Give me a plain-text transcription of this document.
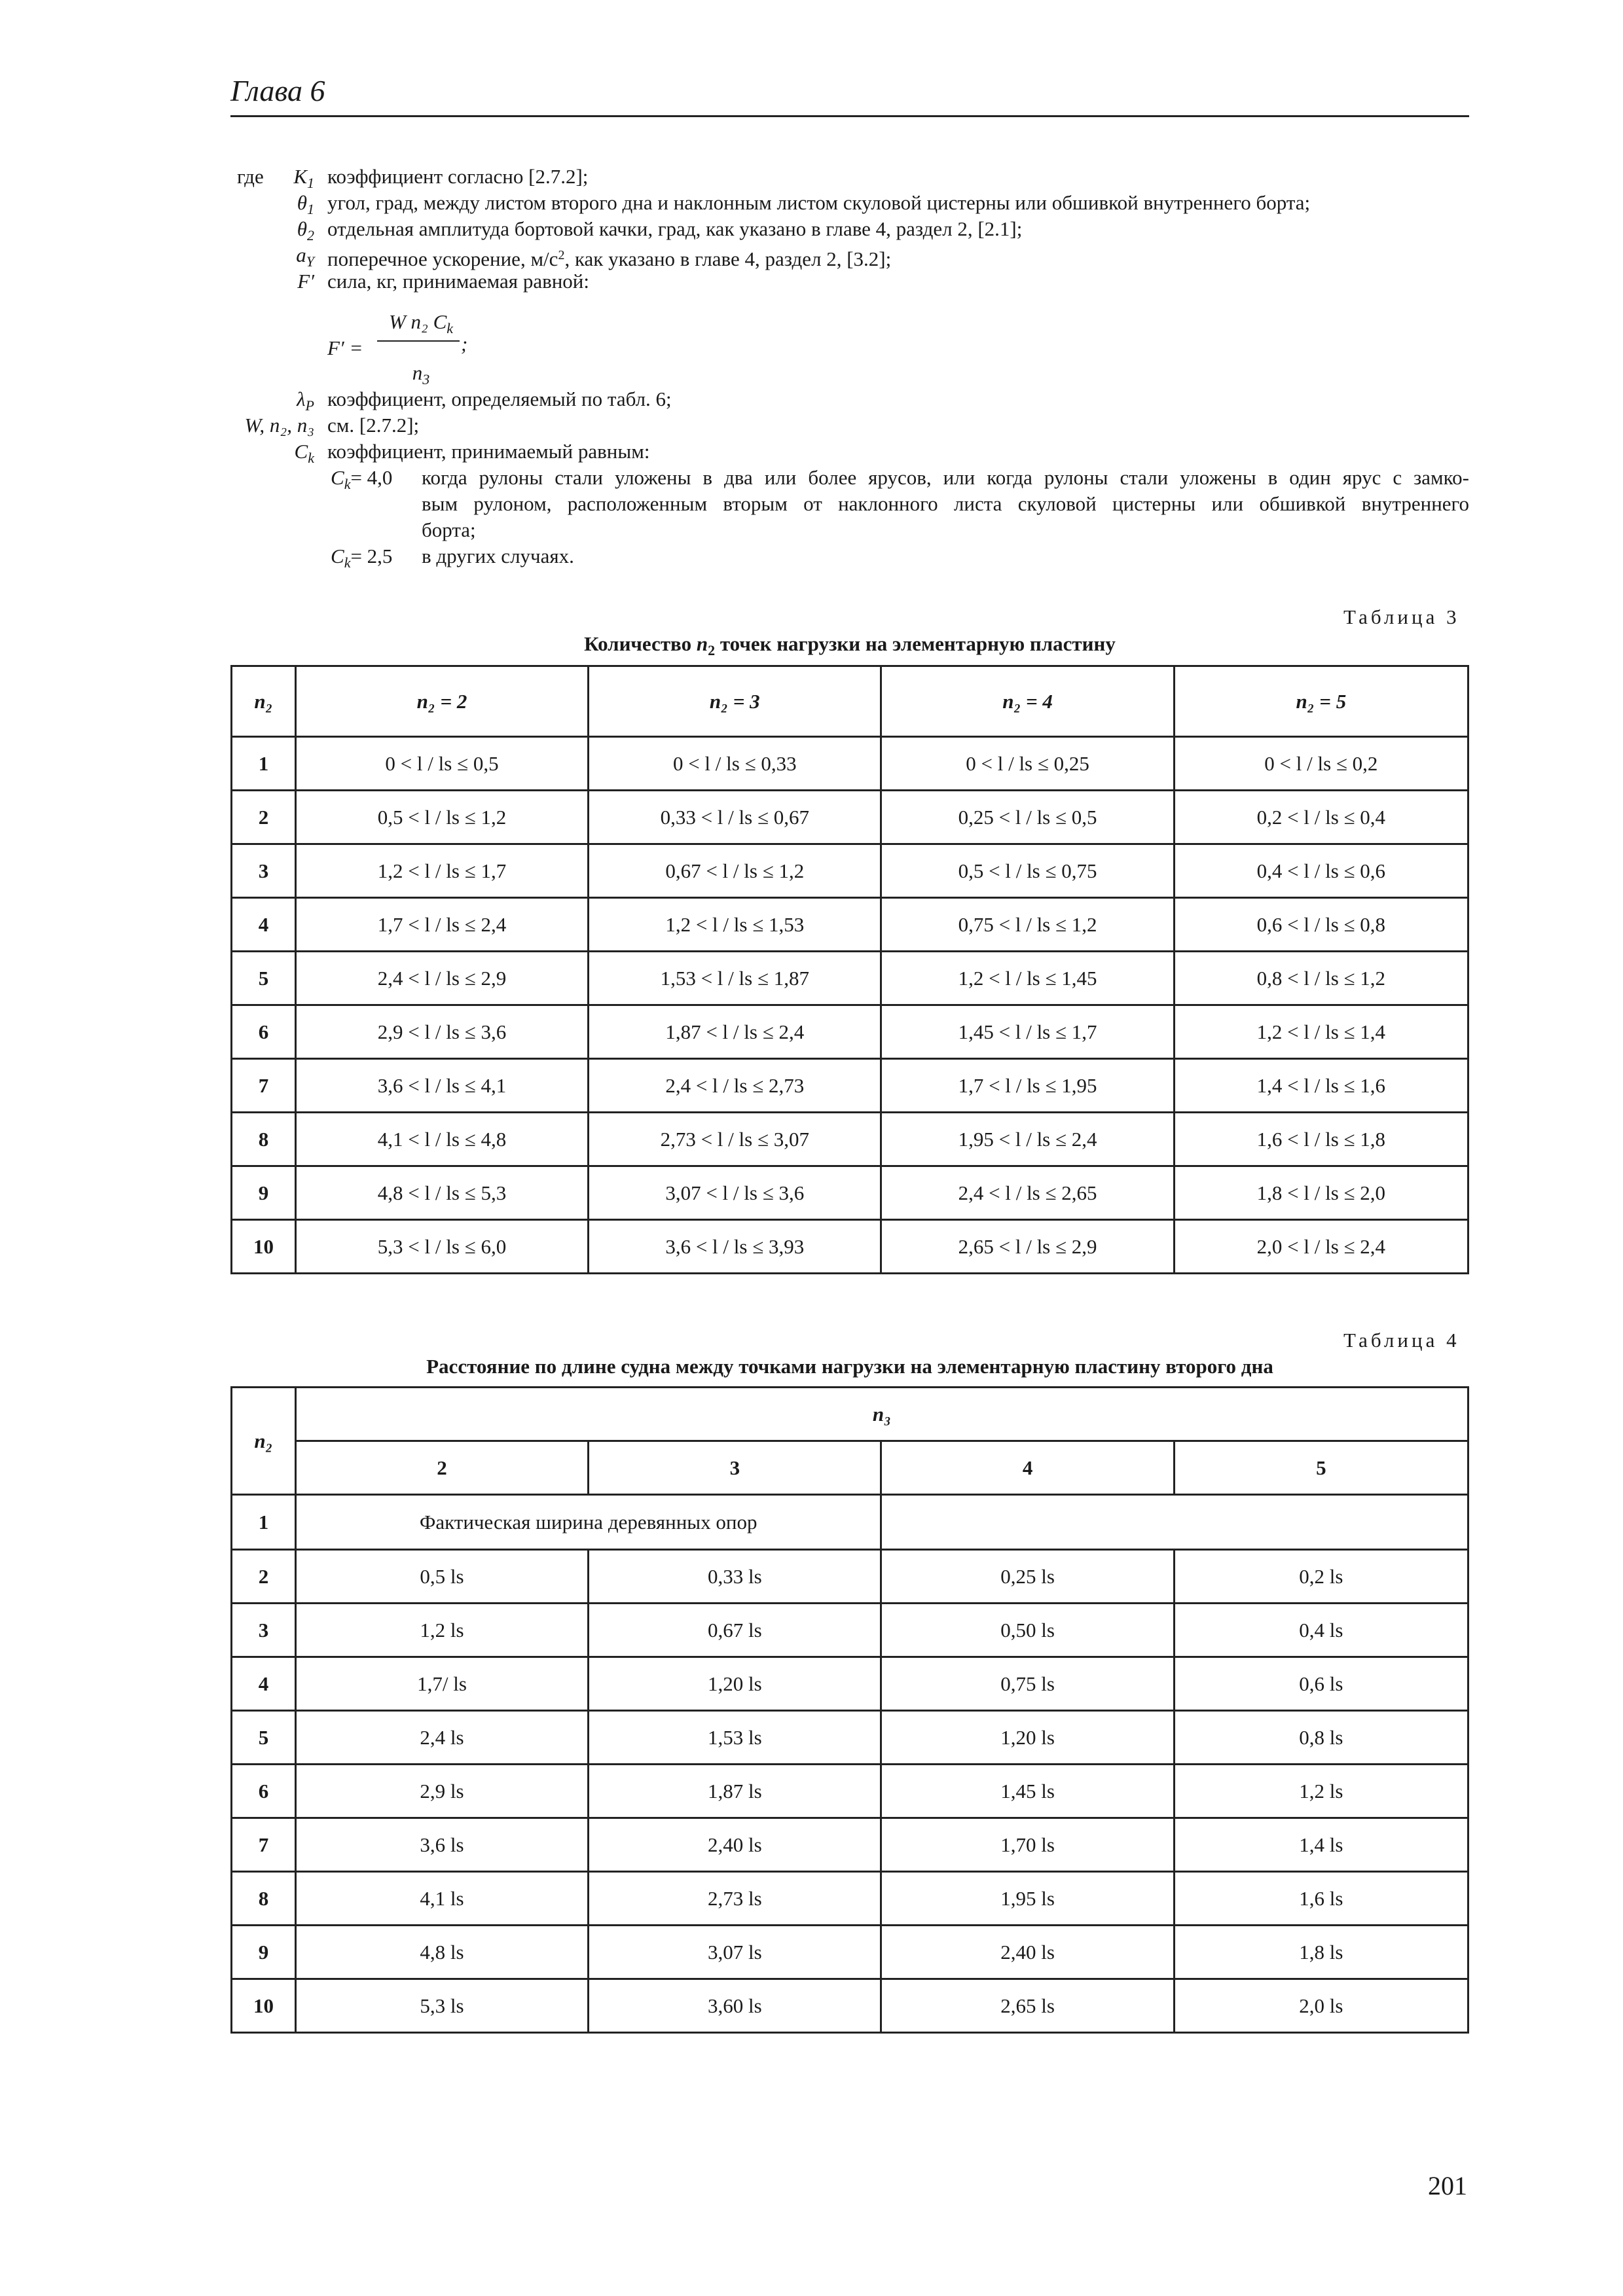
Глава 6
где	$K_1$ коэффициент согласно [2.7.2];
$\theta_1$ угол, град, между листом второго дна и наклонным листом скуловой цистерны или обшивкой внутреннего борта;
$\theta_2$ отдельная амплитуда бортовой качки, град, как указано в главе 4, раздел 2, [2.1];
$a_Y$ поперечное ускорение, $м/с^2$, как указано в главе 4, раздел 2, [3.2];
F′ сила, кг, принимаемая равной:
F′ =
W n₂ $C_k$
;
$n_3$
$\lambda_P$ коэффициент, определяемый по табл. 6;
W, n₂, n₃ см. [2.7.2];
$C_k$ коэффициент, принимаемый равным:
$C_k= 4,0$ когда рулоны стали уложены в два или более ярусов, или когда рулоны стали уложены в один ярус с замко-
вым рулоном, расположенным вторым от наклонного листа скуловой цистерны или обшивкой внутреннего
борта;
$C_k= 2,5$ в других случаях.
Таблица 3
Количество $n_2$ точек нагрузки на элементарную пластину
n₂	n₂ = 2	n₂ = 3	n₂ = 4	n₂ = 5
1	0 < l / ls ≤ 0,5	0 < l / ls ≤ 0,33	0 < l / ls ≤ 0,25	0 < l / ls ≤ 0,2
2	0,5 < l / ls ≤ 1,2	0,33 < l / ls ≤ 0,67	0,25 < l / ls ≤ 0,5	0,2 < l / ls ≤ 0,4
3	1,2 < l / ls ≤ 1,7	0,67 < l / ls ≤ 1,2	0,5 < l / ls ≤ 0,75	0,4 < l / ls ≤ 0,6
4	1,7 < l / ls ≤ 2,4	1,2 < l / ls ≤ 1,53	0,75 < l / ls ≤ 1,2	0,6 < l / ls ≤ 0,8
5	2,4 < l / ls ≤ 2,9	1,53 < l / ls ≤ 1,87	1,2 < l / ls ≤ 1,45	0,8 < l / ls ≤ 1,2
6	2,9 < l / ls ≤ 3,6	1,87 < l / ls ≤ 2,4	1,45 < l / ls ≤ 1,7	1,2 < l / ls ≤ 1,4
7	3,6 < l / ls ≤ 4,1	2,4 < l / ls ≤ 2,73	1,7 < l / ls ≤ 1,95	1,4 < l / ls ≤ 1,6
8	4,1 < l / ls ≤ 4,8	2,73 < l / ls ≤ 3,07	1,95 < l / ls ≤ 2,4	1,6 < l / ls ≤ 1,8
9	4,8 < l / ls ≤ 5,3	3,07 < l / ls ≤ 3,6	2,4 < l / ls ≤ 2,65	1,8 < l / ls ≤ 2,0
10	5,3 < l / ls ≤ 6,0	3,6 < l / ls ≤ 3,93	2,65 < l / ls ≤ 2,9	2,0 < l / ls ≤ 2,4
Таблица 4
Расстояние по длине судна между точками нагрузки на элементарную пластину второго дна
n₂	n₃			
	2	3	4	5
1	Фактическая ширина деревянных опор			
2	0,5 ls	0,33 ls	0,25 ls	0,2 ls
3	1,2 ls	0,67 ls	0,50 ls	0,4 ls
4	1,7/ ls	1,20 ls	0,75 ls	0,6 ls
5	2,4 ls	1,53 ls	1,20 ls	0,8 ls
6	2,9 ls	1,87 ls	1,45 ls	1,2 ls
7	3,6 ls	2,40 ls	1,70 ls	1,4 ls
8	4,1 ls	2,73 ls	1,95 ls	1,6 ls
9	4,8 ls	3,07 ls	2,40 ls	1,8 ls
10	5,3 ls	3,60 ls	2,65 ls	2,0 ls
201
